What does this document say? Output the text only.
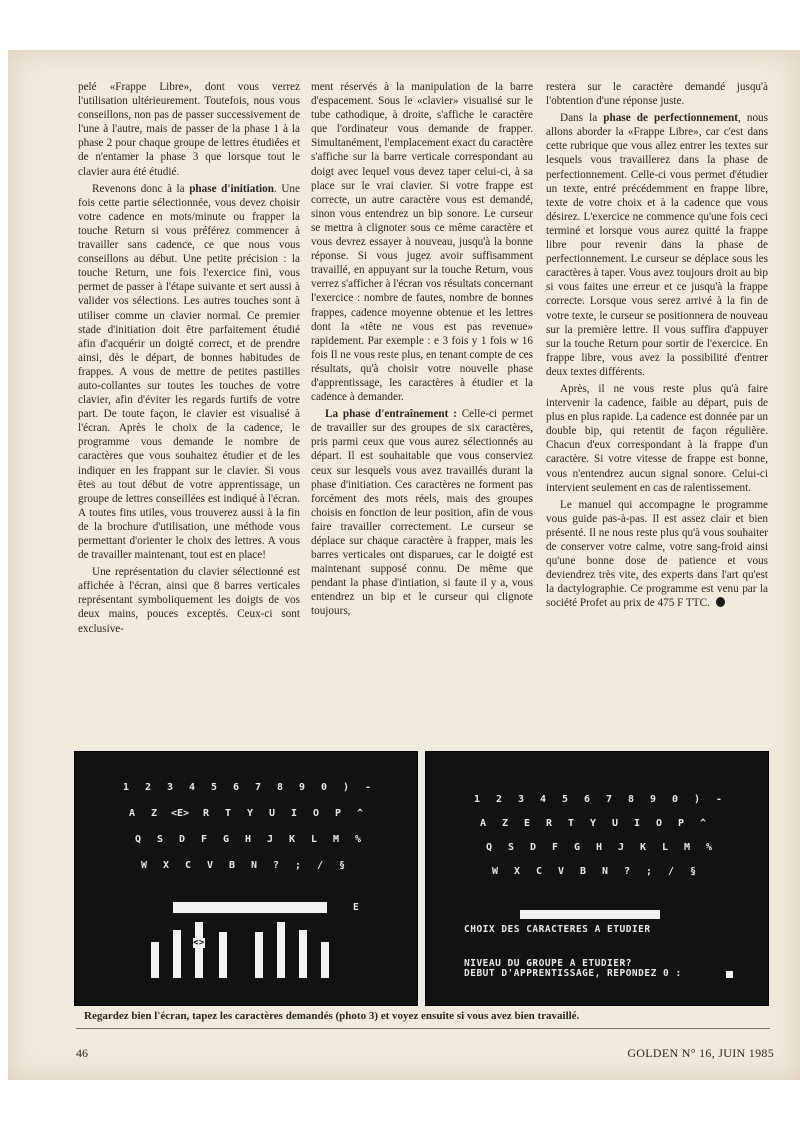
pelé «Frappe Libre», dont vous verrez l'utilisation ultérieurement. Toutefois, nous vous conseillons, non pas de passer successivement de l'une à l'autre, mais de passer de la phase 1 à la phase 2 pour chaque groupe de lettres étudiées et de n'entamer la phase 3 que lorsque tout le clavier aura été étudié.

Revenons donc à la phase d'initiation. Une fois cette partie sélectionnée, vous devez choisir votre cadence en mots/minute ou frapper la touche Return si vous préférez commencer à travailler sans cadence, ce que nous vous conseillons au début. Une petite précision : la touche Return, une fois l'exercice fini, vous permet de passer à l'étape suivante et sert aussi à valider vos sélections. Les autres touches sont à utiliser comme un clavier normal. Ce premier stade d'initiation doit être parfaitement étudié afin d'acquérir un doigté correct, et de prendre ainsi, dès le départ, de bonnes habitudes de frappes. A vous de mettre de petites pastilles auto-collantes sur toutes les touches de votre clavier, afin d'éviter les regards furtifs de votre part. De toute façon, le clavier est visualisé à l'écran. Après le choix de la cadence, le programme vous demande le nombre de caractères que vous souhaitez étudier et de les indiquer en les frappant sur le clavier. Si vous êtes au tout début de votre apprentissage, un groupe de lettres conseillées est indiqué à l'écran. A toutes fins utiles, vous trouverez aussi à la fin de la brochure d'utilisation, une méthode vous permettant d'orienter le choix des lettres. A vous de travailler maintenant, tout est en place!

Une représentation du clavier sélectionné est affichée à l'écran, ainsi que 8 barres verticales représentant symboliquement les doigts de vos deux mains, pouces exceptés. Ceux-ci sont exclusive-

ment réservés à la manipulation de la barre d'espacement. Sous le «clavier» visualisé sur le tube cathodique, à droite, s'affiche le caractère que l'ordinateur vous demande de frapper. Simultanément, l'emplacement exact du caractère s'affiche sur la barre verticale correspondant au doigt avec lequel vous devez taper celui-ci, à sa place sur le vrai clavier. Si votre frappe est correcte, un autre caractère vous est demandé, sinon vous entendrez un bip sonore. Le curseur se mettra à clignoter sous ce même caractère et vous devrez essayer à nouveau, jusqu'à la bonne réponse. Si vous jugez avoir suffisamment travaillé, en appuyant sur la touche Return, vous verrez s'afficher à l'écran vos résultats concernant l'exercice : nombre de fautes, nombre de bonnes frappes, cadence moyenne obtenue et les lettres dont la «tête ne vous est pas revenue» rapidement. Par exemple : e 3 fois y 1 fois w 16 fois Il ne vous reste plus, en tenant compte de ces résultats, qu'à choisir votre nouvelle phase d'apprentissage, les caractères à étudier et la cadence à demander.

La phase d'entraînement : Celle-ci permet de travailler sur des groupes de six caractères, pris parmi ceux que vous aurez sélectionnés au départ. Il est souhaitable que vous conserviez ceux sur lesquels vous avez travaillés durant la phase d'initiation. Ces caractères ne forment pas forcément des mots réels, mais des groupes choisis en fonction de leur position, afin de vous faire travailler correctement. Le curseur se déplace sur chaque caractère à frapper, mais les barres verticales ont disparues, car le doigté est maintenant supposé connu. De même que pendant la phase d'intiation, si faute il y a, vous entendrez un bip et le curseur qui clignote toujours,

restera sur le caractère demandé jusqu'à l'obtention d'une réponse juste.

Dans la phase de perfectionnement, nous allons aborder la «Frappe Libre», car c'est dans cette rubrique que vous allez entrer les textes sur lesquels vous travaillerez dans la phase de perfectionnement. Celle-ci vous permet d'étudier un texte, entré précédemment en frappe libre, texte de votre choix et à la cadence que vous désirez. L'exercice ne commence qu'une fois ceci terminé et lorsque vous aurez quitté la frappe libre pour revenir dans la phase de perfectionnement. Le curseur se déplace sous les caractères à taper. Vous avez toujours droit au bip si vous faites une erreur et ce jusqu'à la frappe correcte. Lorsque vous serez arrivé à la fin de votre texte, le curseur se positionnera de nouveau sur la première lettre. Il vous suffira d'appuyer sur la touche Return pour sortir de l'exercice. En frappe libre, vous avez la possibilité d'entrer deux textes différents.

Après, il ne vous reste plus qu'à faire intervenir la cadence, faible au départ, puis de plus en plus rapide. La cadence est donnée par un double bip, qui retentit de façon régulière. Chacun d'eux correspondant à la frappe d'un caractère. Si votre vitesse de frappe est bonne, vous n'entendrez aucun signal sonore. Celui-ci intervient seulement en cas de ralentissement.

Le manuel qui accompagne le programme vous guide pas-à-pas. Il est assez clair et bien présenté. Il ne nous reste plus qu'à vous souhaiter de conserver votre calme, votre sang-froid ainsi qu'une bonne dose de patience et vous deviendrez très vite, des experts dans l'art qu'est la dactylographie. Ce programme est venu par la société Profet au prix de 475 F TTC.

1 2 3 4 5 6 7 8 9 0 ) -
A Z <E> R T Y U I O P ^
Q S D F G H J K L M %
W X C V B N ? ; / §
E
<>
1 2 3 4 5 6 7 8 9 0 ) -
A Z E R T Y U I O P ^
Q S D F G H J K L M %
W X C V B N ? ; / §
CHOIX DES CARACTERES A ETUDIER
NIVEAU DU GROUPE A ETUDIER?
DEBUT D'APPRENTISSAGE, REPONDEZ 0 :
Regardez bien l'écran, tapez les caractères demandés (photo 3) et voyez ensuite si vous avez bien travaillé.
46	GOLDEN N° 16, JUIN 1985
